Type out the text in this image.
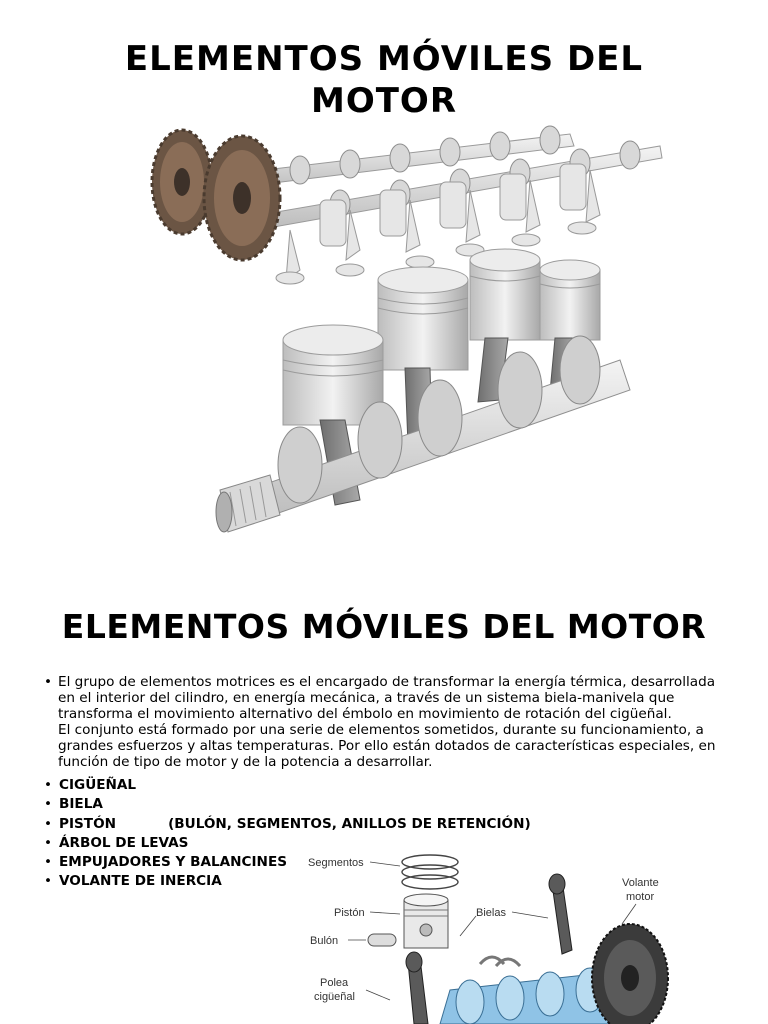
ELEMENTOS MÓVILES DEL MOTOR
ELEMENTOS MÓVILES DEL MOTOR
• El grupo de elementos motrices es el encargado de transformar la energía térmica, desarrollada en el interior del cilindro, en energía mecánica, a través de un sistema biela-manivela que transforma el movimiento alternativo del émbolo en movimiento de rotación del cigüeñal.
El conjunto está formado por una serie de elementos sometidos, durante su funcionamiento, a grandes esfuerzos y altas temperaturas. Por ello están dotados de características especiales, en función de tipo de motor y de la potencia a desarrollar.
• CIGÜEÑAL
• BIELA
• PISTÓN           (BULÓN, SEGMENTOS, ANILLOS DE RETENCIÓN)
• ÁRBOL DE LEVAS
• EMPUJADORES Y BALANCINES
• VOLANTE DE INERCIA
Segmentos
Pistón
Bulón
Bielas
Volante
motor
Polea
cigüeñal
